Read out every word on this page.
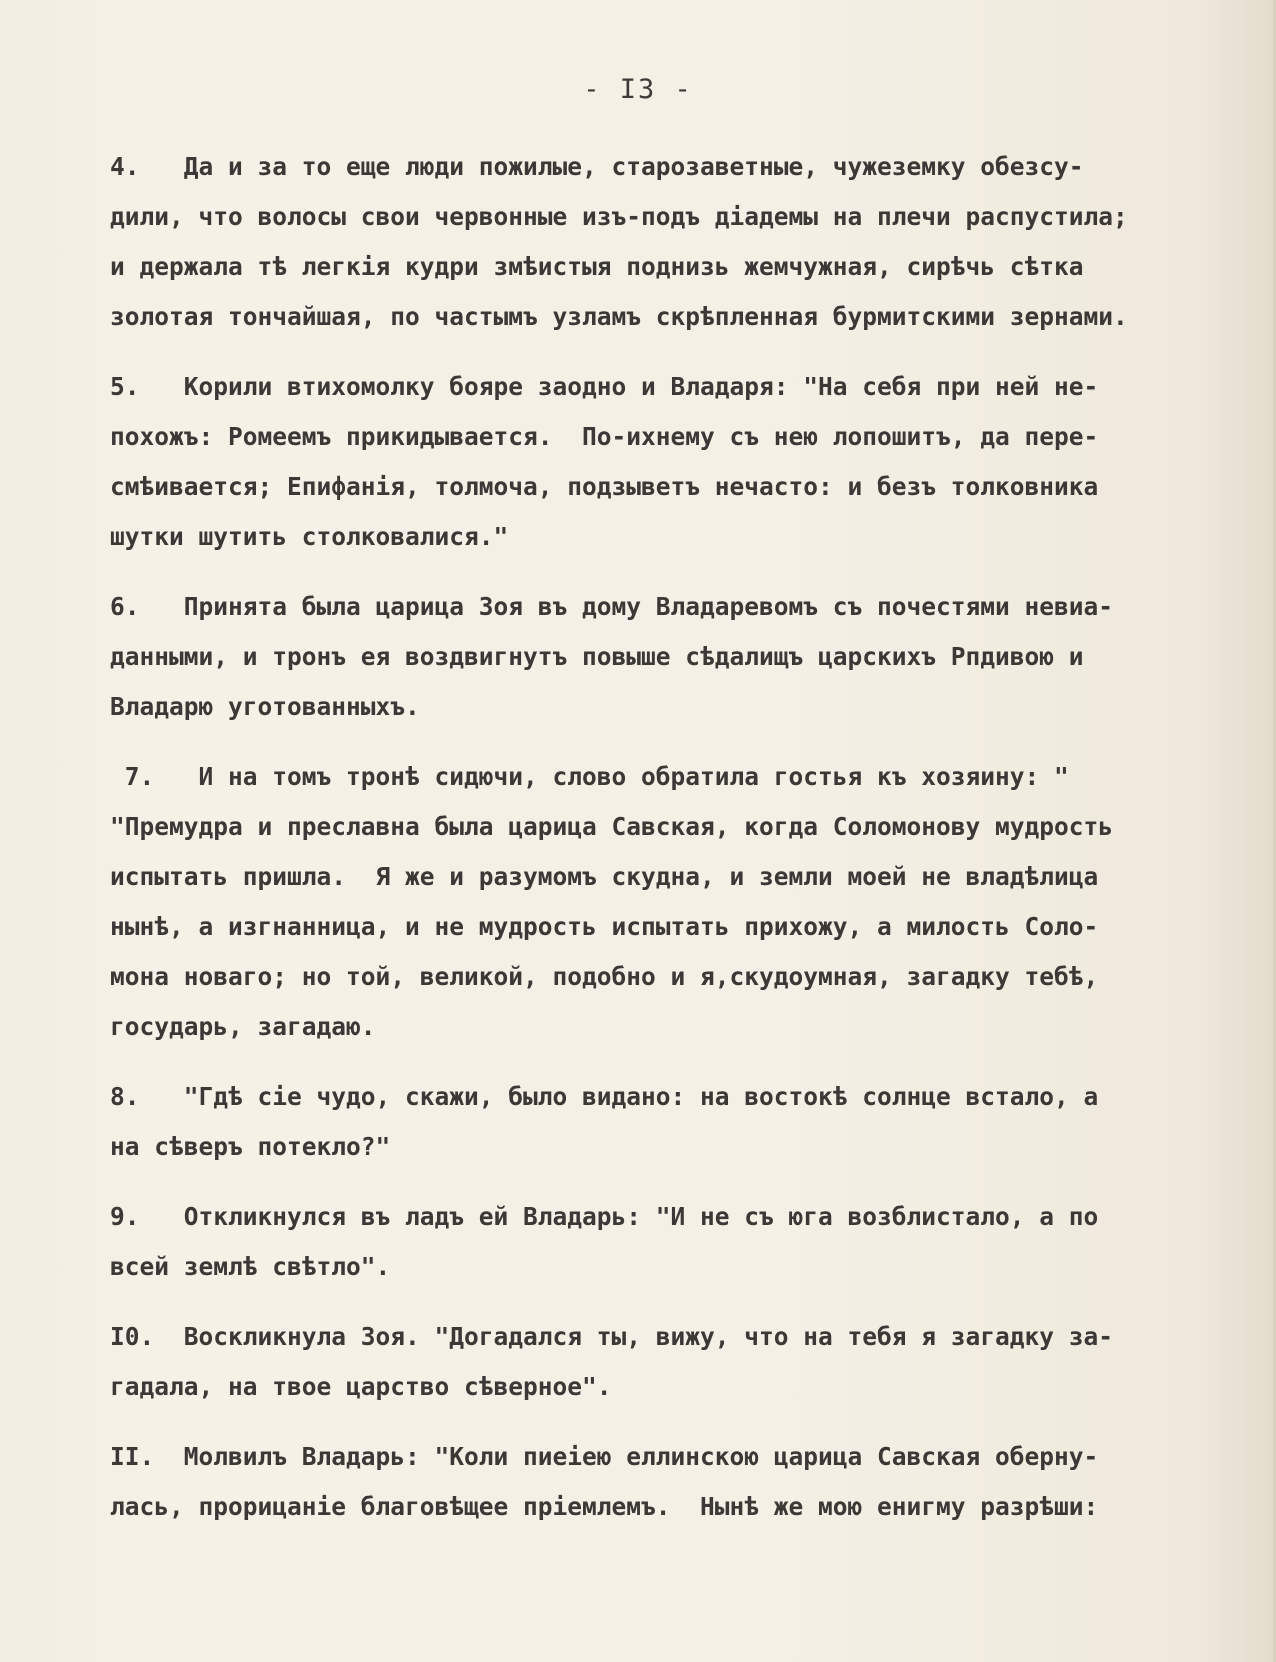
- I3 -
4.   Да и за то еще люди пожилые, старозаветные, чужеземку обезсу-
дили, что волосы свои червонные изъ-подъ діадемы на плечи распустила;
и держала тѣ легкія кудри змѣистыя поднизь жемчужная, сирѣчь сѣтка
золотая тончайшая, по частымъ узламъ скрѣпленная бурмитскими зернами.
5.   Корили втихомолку бояре заодно и Владаря: "На себя при ней не-
похожъ: Ромеемъ прикидывается.  По-ихнему съ нею лопошитъ, да пере-
смѣивается; Епифанія, толмоча, подзыветъ нечасто: и безъ толковника
шутки шутить столковалися."
6.   Принята была царица Зоя въ дому Владаревомъ съ почестями невиа-
данными, и тронъ ея воздвигнутъ повыше сѣдалищъ царскихъ Рпдивою и
Владарю уготованныхъ.
7.   И на томъ тронѣ сидючи, слово обратила гостья къ хозяину: "
"Премудра и преславна была царица Савская, когда Соломонову мудрость
испытать пришла.  Я же и разумомъ скудна, и земли моей не владѣлица
нынѣ, а изгнанница, и не мудрость испытать прихожу, а милость Соло-
мона новаго; но той, великой, подобно и я,скудоумная, загадку тебѣ,
государь, загадаю.
8.   "Гдѣ сіе чудо, скажи, было видано: на востокѣ солнце встало, а
на сѣверъ потекло?"
9.   Откликнулся въ ладъ ей Владарь: "И не съ юга возблистало, а по
всей землѣ свѣтло".
I0.  Воскликнула Зоя. "Догадался ты, вижу, что на тебя я загадку за-
гадала, на твое царство сѣверное".
II.  Молвилъ Владарь: "Коли пиеіею еллинскою царица Савская оберну-
лась, прорицаніе благовѣщее пріемлемъ.  Нынѣ же мою енигму разрѣши:
